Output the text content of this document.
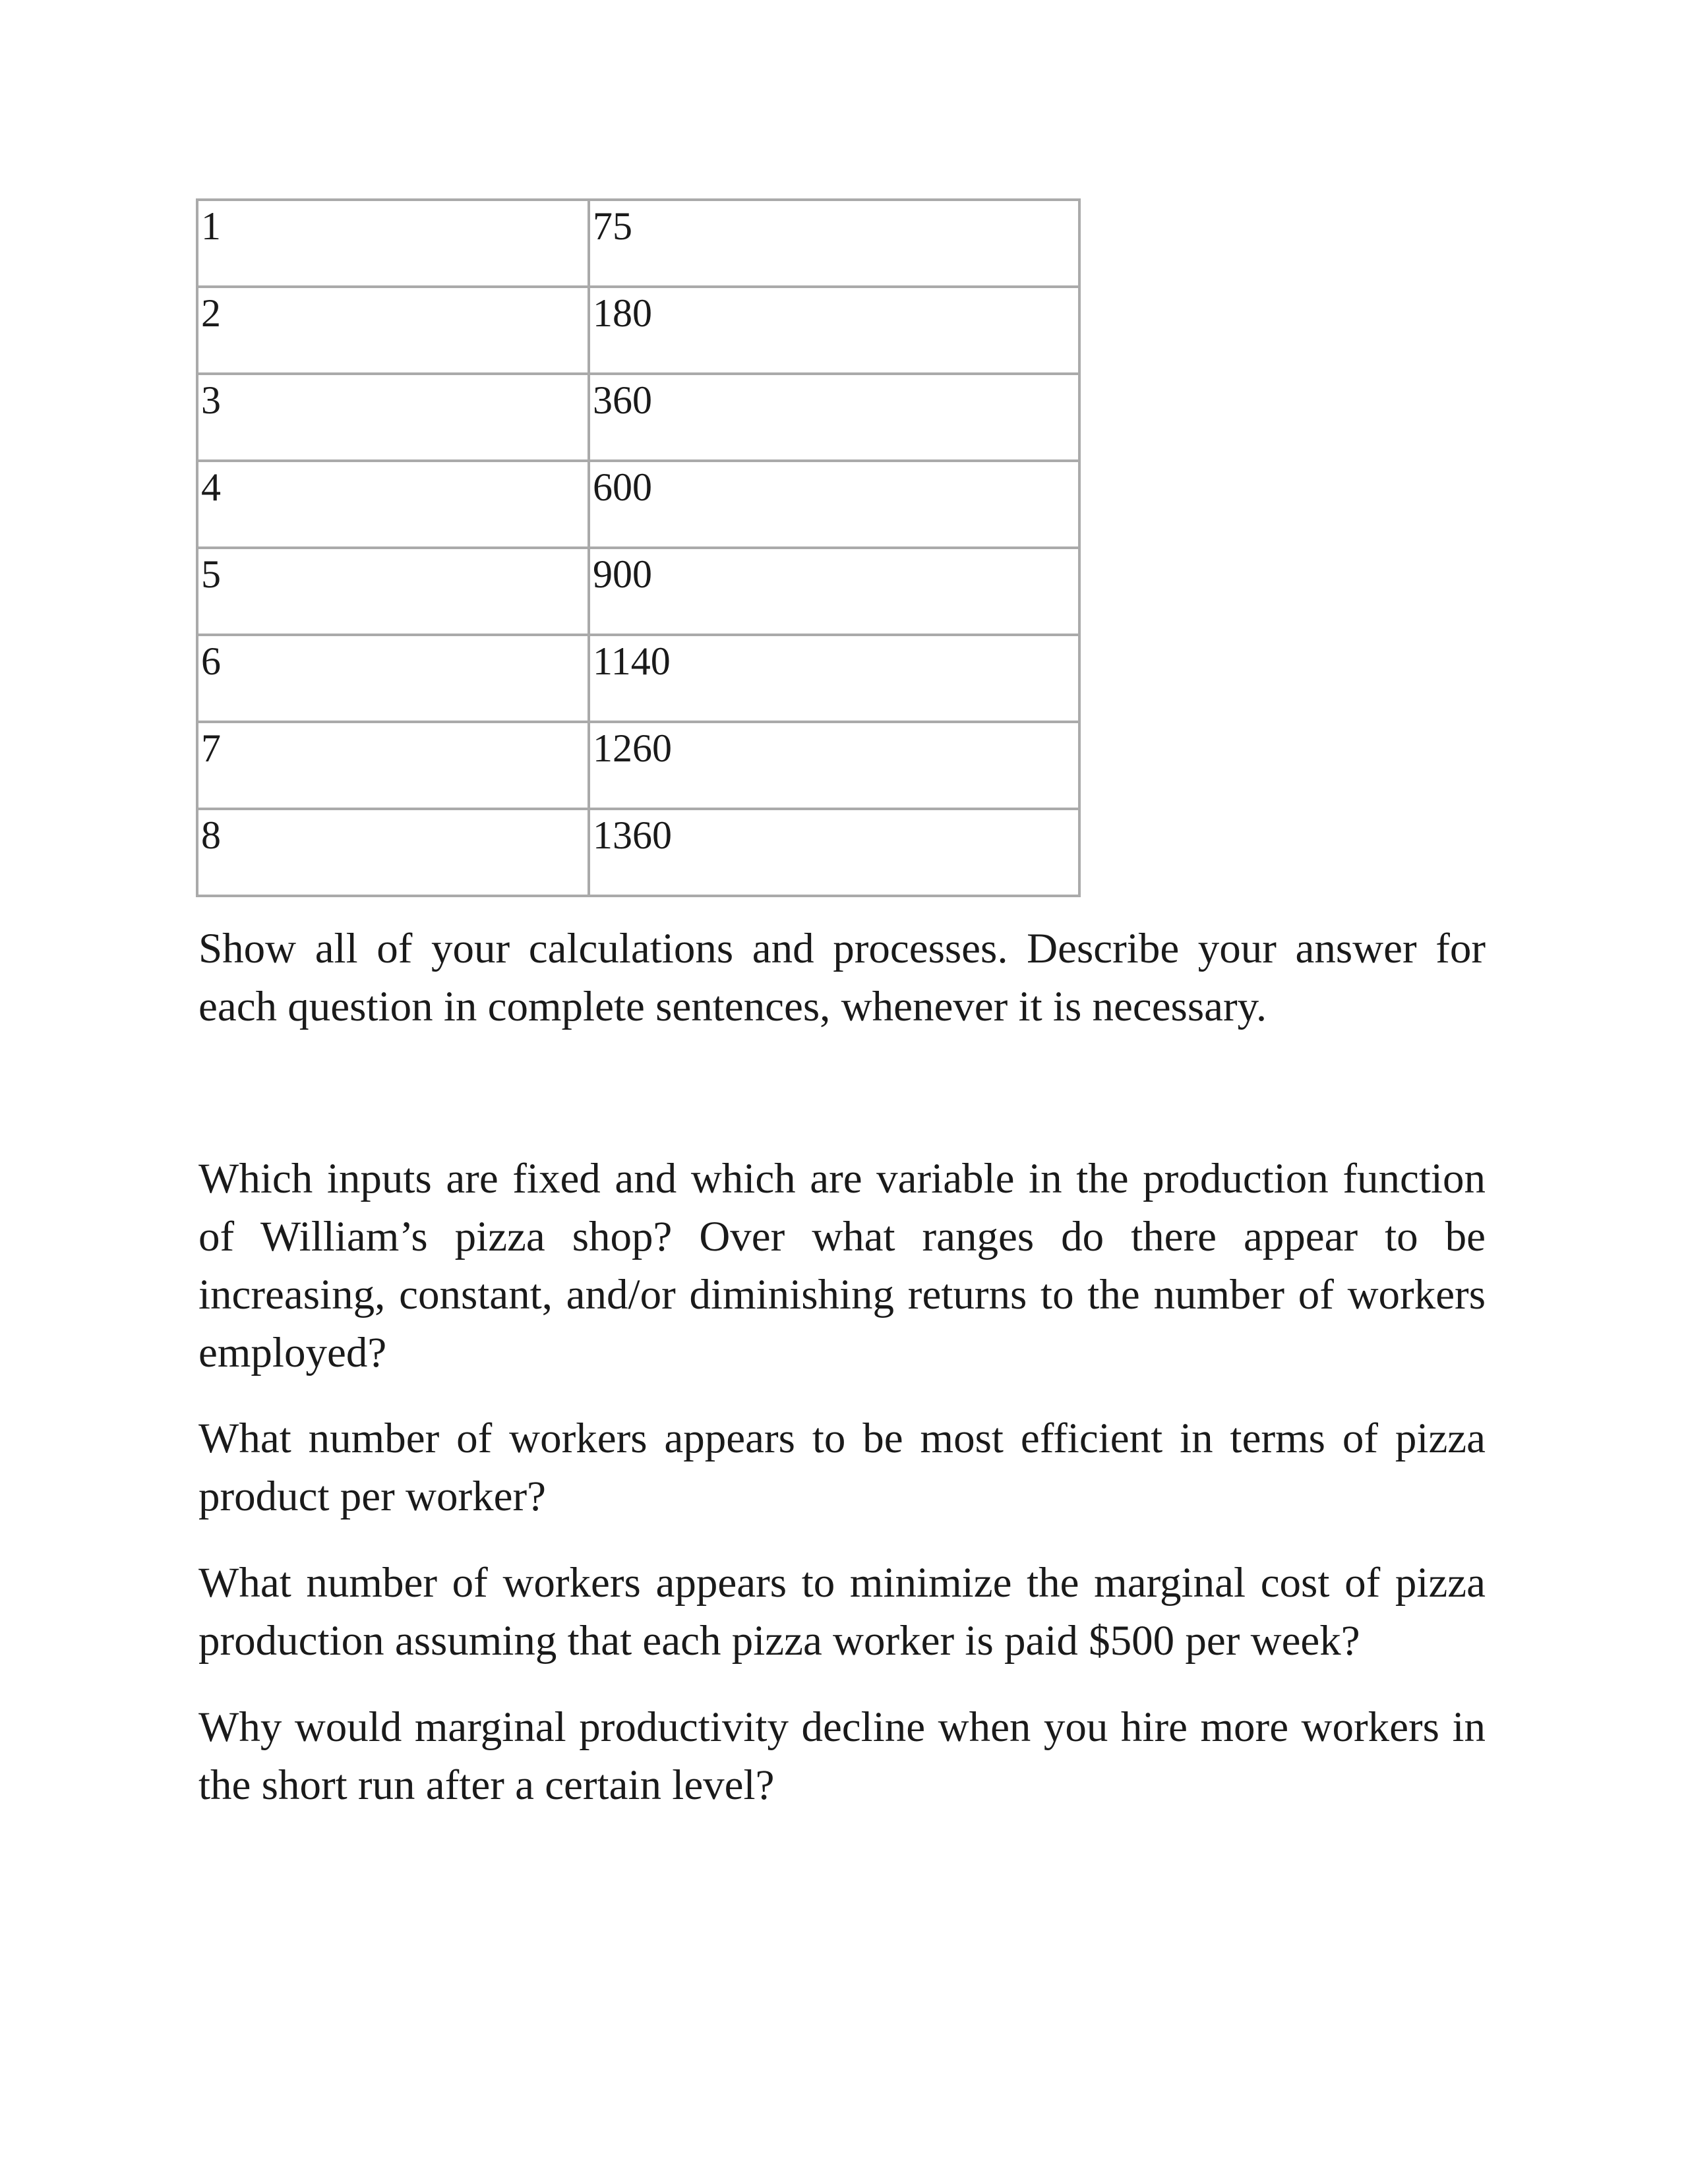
1	75
2	180
3	360
4	600
5	900
6	1140
7	1260
8	1360

Show all of your calculations and processes. Describe your answer for each question in complete sentences, whenever it is necessary.

Which inputs are fixed and which are variable in the production function of William’s pizza shop? Over what ranges do there appear to be increasing, constant, and/or diminishing returns to the number of workers employed?

What number of workers appears to be most efficient in terms of pizza product per worker?

What number of workers appears to minimize the marginal cost of pizza production assuming that each pizza worker is paid $500 per week?

Why would marginal productivity decline when you hire more workers in the short run after a certain level?
